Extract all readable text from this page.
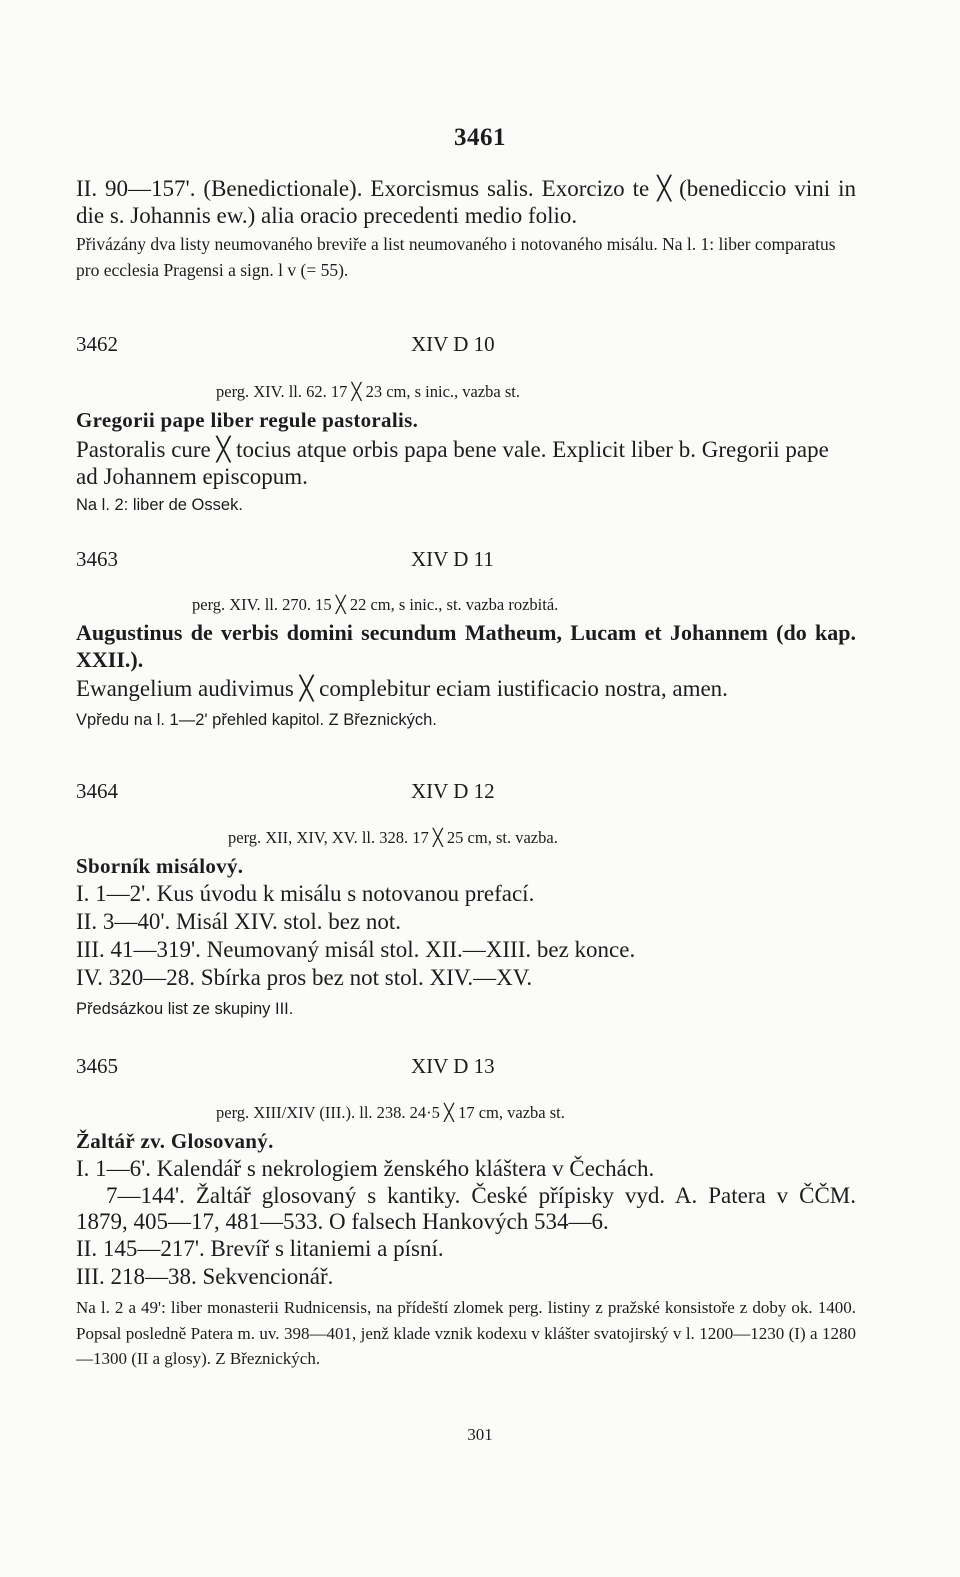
3461

II. 90—157'. (Benedictionale). Exorcismus salis. Exorcizo te ╳ (benediccio vini in die s. Johannis ew.) alia oracio precedenti medio folio.

Přivázány dva listy neumovaného breviře a list neumovaného i notovaného misálu. Na l. 1: liber comparatus pro ecclesia Pragensi a sign. l v (= 55).

3462	XIV D 10

perg. XIV. ll. 62. 17 ╳ 23 cm, s inic., vazba st.

Gregorii pape liber regule pastoralis.

Pastoralis cure ╳ tocius atque orbis papa bene vale. Explicit liber b. Gregorii pape ad Johannem episcopum.

Na l. 2: liber de Ossek.

3463	XIV D 11

perg. XIV. ll. 270. 15 ╳ 22 cm, s inic., st. vazba rozbitá.

Augustinus de verbis domini secundum Matheum, Lucam et Johannem (do kap. XXII.).

Ewangelium audivimus ╳ complebitur eciam iustificacio nostra, amen.

Vpředu na l. 1—2' přehled kapitol. Z Březnických.

3464	XIV D 12

perg. XII, XIV, XV. ll. 328. 17 ╳ 25 cm, st. vazba.

Sborník misálový.

I. 1—2'. Kus úvodu k misálu s notovanou prefací.

II. 3—40'. Misál XIV. stol. bez not.

III. 41—319'. Neumovaný misál stol. XII.—XIII. bez konce.

IV. 320—28. Sbírka pros bez not stol. XIV.—XV.

Předsázkou list ze skupiny III.

3465	XIV D 13

perg. XIII/XIV (III.). ll. 238. 24·5 ╳ 17 cm, vazba st.

Žaltář zv. Glosovaný.

I. 1—6'. Kalendář s nekrologiem ženského kláštera v Čechách.

7—144'. Žaltář glosovaný s kantiky. České přípisky vyd. A. Patera v ČČM. 1879, 405—17, 481—533. O falsech Hankových 534—6.

II. 145—217'. Brevíř s litaniemi a písní.

III. 218—38. Sekvencionář.

Na l. 2 a 49': liber monasterii Rudnicensis, na přídeští zlomek perg. listiny z pražské konsistoře z doby ok. 1400. Popsal posledně Patera m. uv. 398—401, jenž klade vznik kodexu v klášter svatojirský v l. 1200—1230 (I) a 1280—1300 (II a glosy). Z Březnických.

301
